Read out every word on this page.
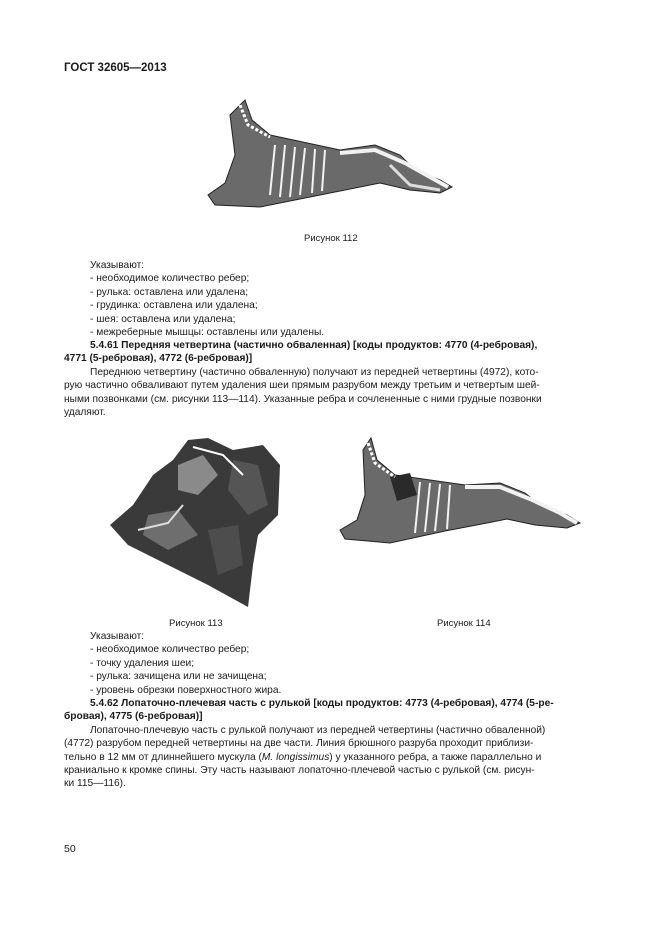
ГОСТ 32605—2013
Рисунок 112
Указывают:
- необходимое количество ребер;
- рулька: оставлена или удалена;
- грудинка: оставлена или удалена;
- шея: оставлена или удалена;
- межреберные мышцы: оставлены или удалены.
5.4.61 Передняя четвертина (частично обваленная) [коды продуктов: 4770 (4-ребровая),
4771 (5-ребровая), 4772 (6-ребровая)]
Переднюю четвертину (частично обваленную) получают из передней четвертины (4972), кото-
рую частично обваливают путем удаления шеи прямым разрубом между третьим и четвертым шей-
ными позвонками (см. рисунки 113—114). Указанные ребра и сочлененные с ними грудные позвонки
удаляют.
Рисунок 113	Рисунок 114
Указывают:
- необходимое количество ребер;
- точку удаления шеи;
- рулька: зачищена или не зачищена;
- уровень обрезки поверхностного жира.
5.4.62 Лопаточно-плечевая часть с рулькой [коды продуктов: 4773 (4-ребровая), 4774 (5-ре-
бровая), 4775 (6-ребровая)]
Лопаточно-плечевую часть с рулькой получают из передней четвертины (частично обваленной)
(4772) разрубом передней четвертины на две части. Линия брюшного разруба проходит приблизи-
тельно в 12 мм от длиннейшего мускула (M. longissimus) у указанного ребра, а также параллельно и
краниально к кромке спины. Эту часть называют лопаточно-плечевой частью с рулькой (см. рисун-
ки 115—116).
50
